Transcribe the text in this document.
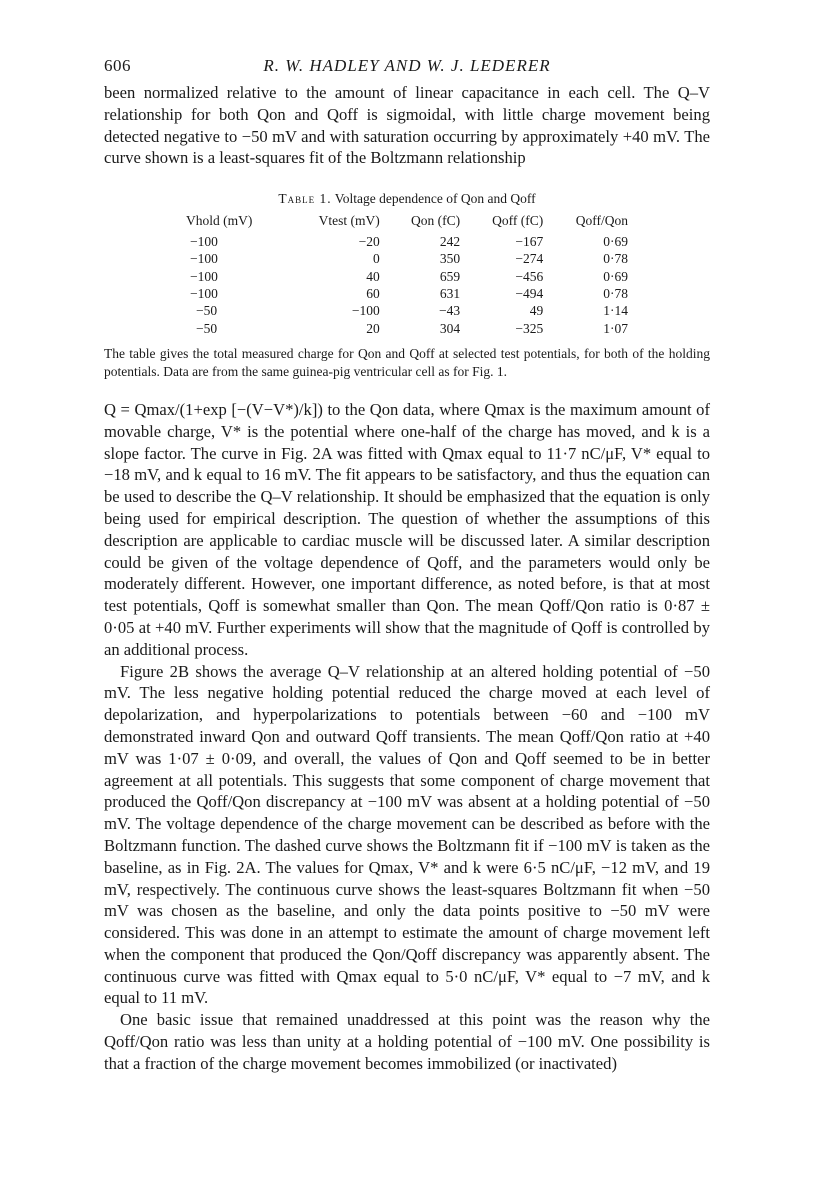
606	R. W. HADLEY AND W. J. LEDERER

been normalized relative to the amount of linear capacitance in each cell. The Q–V relationship for both Qon and Qoff is sigmoidal, with little charge movement being detected negative to −50 mV and with saturation occurring by approximately +40 mV. The curve shown is a least-squares fit of the Boltzmann relationship

Table 1. Voltage dependence of Qon and Qoff
Vhold (mV)	Vtest (mV)	Qon (fC)	Qoff (fC)	Qoff/Qon
−100	−20	242	−167	0·69
−100	0	350	−274	0·78
−100	40	659	−456	0·69
−100	60	631	−494	0·78
−50	−100	−43	49	1·14
−50	20	304	−325	1·07
The table gives the total measured charge for Qon and Qoff at selected test potentials, for both of the holding potentials. Data are from the same guinea-pig ventricular cell as for Fig. 1.

Q = Qmax/(1+exp [−(V−V*)/k]) to the Qon data, where Qmax is the maximum amount of movable charge, V* is the potential where one-half of the charge has moved, and k is a slope factor. The curve in Fig. 2A was fitted with Qmax equal to 11·7 nC/μF, V* equal to −18 mV, and k equal to 16 mV. The fit appears to be satisfactory, and thus the equation can be used to describe the Q–V relationship. It should be emphasized that the equation is only being used for empirical description. The question of whether the assumptions of this description are applicable to cardiac muscle will be discussed later. A similar description could be given of the voltage dependence of Qoff, and the parameters would only be moderately different. However, one important difference, as noted before, is that at most test potentials, Qoff is somewhat smaller than Qon. The mean Qoff/Qon ratio is 0·87 ± 0·05 at +40 mV. Further experiments will show that the magnitude of Qoff is controlled by an additional process.

Figure 2B shows the average Q–V relationship at an altered holding potential of −50 mV. The less negative holding potential reduced the charge moved at each level of depolarization, and hyperpolarizations to potentials between −60 and −100 mV demonstrated inward Qon and outward Qoff transients. The mean Qoff/Qon ratio at +40 mV was 1·07 ± 0·09, and overall, the values of Qon and Qoff seemed to be in better agreement at all potentials. This suggests that some component of charge movement that produced the Qoff/Qon discrepancy at −100 mV was absent at a holding potential of −50 mV. The voltage dependence of the charge movement can be described as before with the Boltzmann function. The dashed curve shows the Boltzmann fit if −100 mV is taken as the baseline, as in Fig. 2A. The values for Qmax, V* and k were 6·5 nC/μF, −12 mV, and 19 mV, respectively. The continuous curve shows the least-squares Boltzmann fit when −50 mV was chosen as the baseline, and only the data points positive to −50 mV were considered. This was done in an attempt to estimate the amount of charge movement left when the component that produced the Qon/Qoff discrepancy was apparently absent. The continuous curve was fitted with Qmax equal to 5·0 nC/μF, V* equal to −7 mV, and k equal to 11 mV.

One basic issue that remained unaddressed at this point was the reason why the Qoff/Qon ratio was less than unity at a holding potential of −100 mV. One possibility is that a fraction of the charge movement becomes immobilized (or inactivated)
